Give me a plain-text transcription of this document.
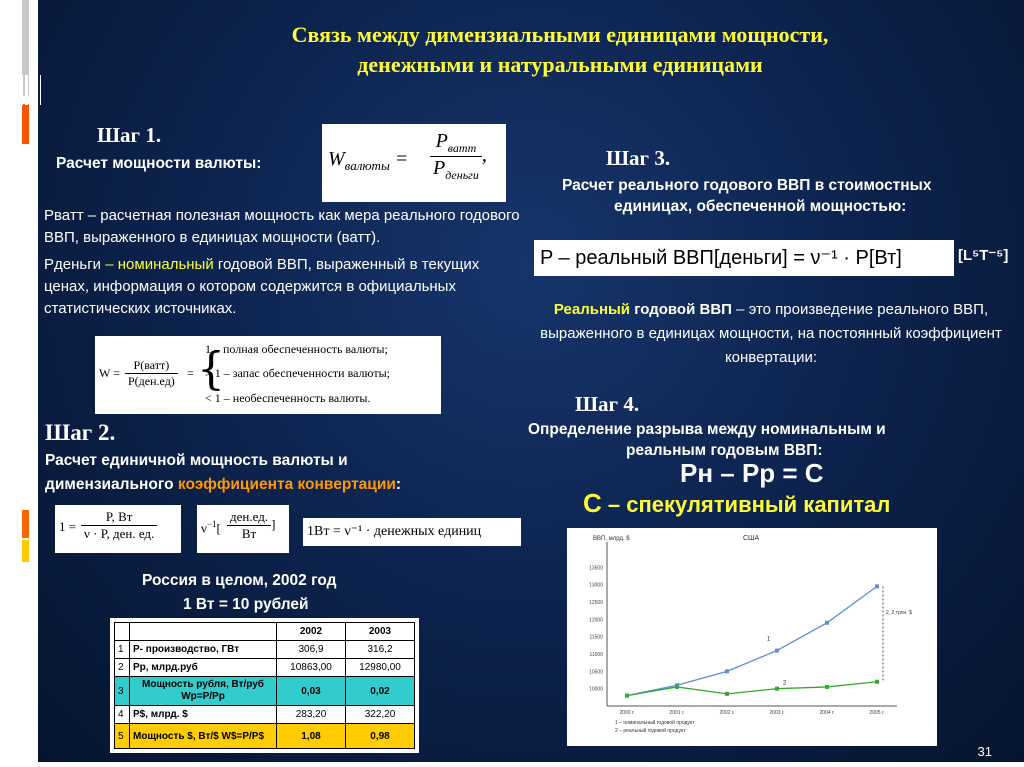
Связь между димензиальными единицами мощности,
денежными и натуральными единицами
Шаг 1.
Расчет мощности валюты:	$W_{валюты} = \frac{P_{ватт}}{P_{деньги}}$ ,
Pватт – расчетная полезная мощность как мера реального годового ВВП, выраженного в единицах мощности (ватт).
Pденьги – номинальный годовой ВВП, выраженный в текущих ценах, информация о котором содержится в официальных статистических источниках.
$W = \frac{\text{P(ватт)}}{\text{P(ден.ед)}}$ = {
1 – полная обеспеченность валюты;
> 1 – запас обеспеченности валюты;
< 1 – необеспеченность валюты.
Шаг 2.
Расчет единичной мощность валюты и
димензиального коэффициента конвертации:
$1 = \frac{P, Вт}{\text{ν · P, ден. ед.}}$	$\nu^{-1}[ \frac{\text{ден.ед.}}{Вт}$ ]
1Вт = ν⁻¹ · денежных единиц
Россия в целом, 2002 год
1 Вт = 10 рублей
		2002	2003
1	P- производство, ГВт	306,9	316,2
2	Pр, млрд.руб	10863,00	12980,00
3	Мощность рубля, Вт/руб Wp=P/Pp	0,03	0,02
4	P$, млрд. $	283,20	322,20
5	Мощность $, Вт/$ W$=P/P$	1,08	0,98
Шаг 3.
Расчет реального годового ВВП в стоимостных
единицах, обеспеченной мощностью:
P – реальный ВВП[деньги] = ν⁻¹ · P[Вт]	[L⁵T⁻⁵]
Реальный годовой ВВП – это произведение реального ВВП, выраженного в единицах мощности, на постоянный коэффициент конвертации:
Шаг 4.
Определение разрыва между номинальным и
реальным годовым ВВП:
Pн – Pр = C
С – спекулятивный капитал
ВВП, млрд. $	США
10000
10500
11000
11500
12000
12500
13000
13500
2000 г.	2001 г.	2002 г.	2003 г.	2004 г.	2005 г.
1
2
2, 2 трлн. $
1 – номинальный годовой продукт
2 – реальный годовой продукт
31
